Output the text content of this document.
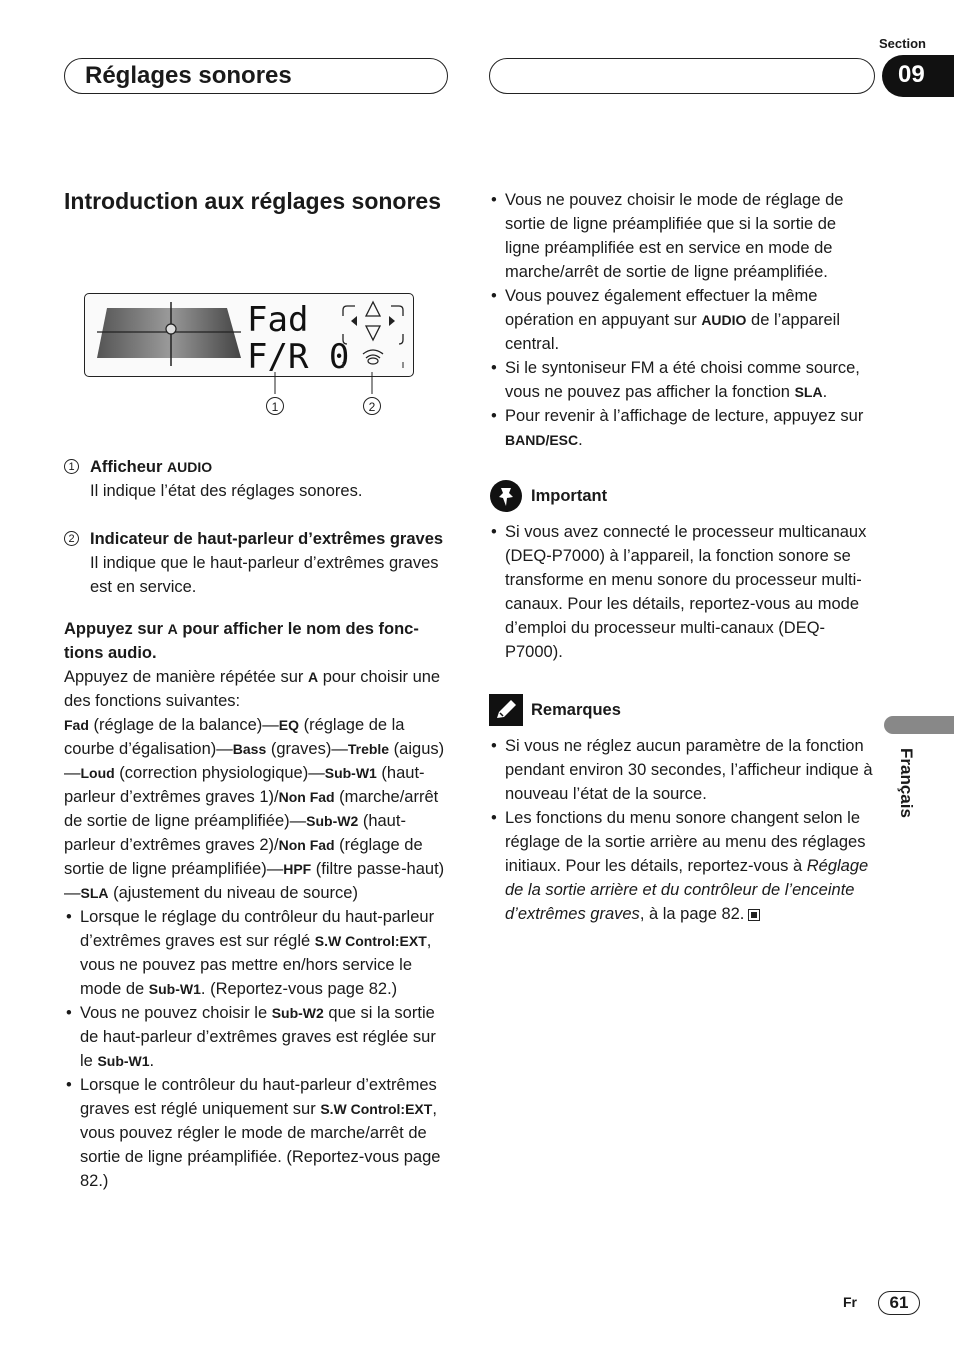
Section
Réglages sonores	09
Introduction aux réglages sonores
Fad
F/R 0
1	2
1 Afficheur AUDIO

Il indique l’état des réglages sonores.

2 Indicateur de haut-parleur d’extrêmes graves

Il indique que le haut-parleur d’extrêmes graves est en service.

Appuyez sur A pour afficher le nom des fonctions audio.

Appuyez de manière répétée sur A pour choisir une des fonctions suivantes:

Fad (réglage de la balance)—EQ (réglage de la courbe d’égalisation)—Bass (graves)—Treble (aigus)—Loud (correction physiologique)—Sub-W1 (haut-parleur d’extrêmes graves 1)/Non Fad (marche/arrêt de sortie de ligne préamplifiée)—Sub-W2 (haut-parleur d’extrêmes graves 2)/Non Fad (réglage de sortie de ligne préamplifiée)—HPF (filtre passe-haut)—SLA (ajustement du niveau de source)

• Lorsque le réglage du contrôleur du haut-parleur d’extrêmes graves est sur réglé S.W Control:EXT, vous ne pouvez pas mettre en/hors service le mode de Sub-W1. (Reportez-vous page 82.)

• Vous ne pouvez choisir le Sub-W2 que si la sortie de haut-parleur d’extrêmes graves est réglée sur le Sub-W1.

• Lorsque le contrôleur du haut-parleur d’extrêmes graves est réglé uniquement sur S.W Control:EXT, vous pouvez régler le mode de marche/arrêt de sortie de ligne préamplifiée. (Reportez-vous page 82.)

• Vous ne pouvez choisir le mode de réglage de sortie de ligne préamplifiée que si la sortie de ligne préamplifiée est en service en mode de marche/arrêt de sortie de ligne préamplifiée.

• Vous pouvez également effectuer la même opération en appuyant sur AUDIO de l’appareil central.

• Si le syntoniseur FM a été choisi comme source, vous ne pouvez pas afficher la fonction SLA.

• Pour revenir à l’affichage de lecture, appuyez sur BAND/ESC.

Important

• Si vous avez connecté le processeur multicanaux (DEQ-P7000) à l’appareil, la fonction sonore se transforme en menu sonore du processeur multi-canaux. Pour les détails, reportez-vous au mode d’emploi du processeur multi-canaux (DEQ-P7000).

Remarques

• Si vous ne réglez aucun paramètre de la fonction pendant environ 30 secondes, l’afficheur indique à nouveau l’état de la source.

• Les fonctions du menu sonore changent selon le réglage de la sortie arrière au menu des réglages initiaux. Pour les détails, reportez-vous à Réglage de la sortie arrière et du contrôleur de l’enceinte d’extrêmes graves, à la page 82.

Français
Fr	61
